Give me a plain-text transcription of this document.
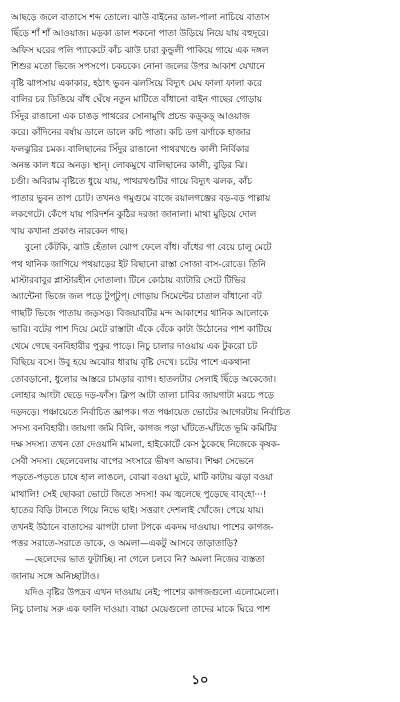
আছড়ে জলে বাতাসে শব্দ তোলে। ঝাউ বাইনের ডাল-পালা নাচিয়ে বাতাস
ছিঁড়ে শাঁ শাঁ আওয়াজ। মড়কা ডাল শকনো পাতা উড়িয়ে নিয়ে যায় বহুদূরে।
অফিস ঘরের পলি প্যাকেটে কাঁচ ঝাউ চারা কুন্ডুলী পাকিয়ে গায়ে এক দঙ্গল
শিশুর মতো ভিজে সপসপে। চকচকে। নোনা জলের উপর আকাশ যেখানে
বৃষ্টি ঝাপসায় একাকার, হঠাৎ ভুবন ঝলসিয়ে বিদ্যুৎ মেঘ ফালা ফালা করে
বালির চর ডিঙিয়ে বাঁধ ঘেঁষে নতুন মাটিতে বাঁধানো বাইন গাছের গোড়ায়
সিঁদুর রাঙানো এক চাঙড় পাথরের সোনামুখি প্রচন্ড কড়্‌কড়্‌ আওয়াজ
করে। কাঁদিনের বর্ষায় ডালে ডালে কচি পাতা। কচি ডগ ঝর্ণাকে হাজার
ফলঝুরির চমক। বালিছানের সিঁদুর রাঙানো পাথরখণ্ডে কালী নির্বিকার
অনন্ত কাল ধরে অনড়। স্থান্। লোকমুখে বালিছানের কালী, বুড়ির ঝি।
চণ্ডী। অবিরাম বৃষ্টিতে ধুয়ে যায়, পাথরখণ্ডটির গায়ে বিদ্যুৎ ঝলক, কাঁচ
পাতার ভুবন তাপ চোট। তখনও গমুগুমে বাজে রয়ালগঞ্জের বড়-বড় পাল্লায়
লকগেটে। কেঁপে যায় পরিদর্শন কুঠির দরজা জানালা। মাথা মুড়িয়ে দোল
খায় কখানা প্রকাণ্ড নারকেল গাছ।
বুনো কেঁটকি, ঝাউ হেঁতাল ঝোপ ফেলে বাঁধ। বাঁধের গা বেয়ে চালু মেটে
পথ থানিক জাগিয়ে পথয়াড়ের ইট বিছানো রাস্তা সোজা বাস-রোডে। তিনি
মাস্টারবাবুর প্লাস্টারহীন দোতালা। টিনে কোঠায় ব্যাটারি সেটে টিভির
অ্যান্টেনা ভিজে জল পড়ে টুপ্‌টুপ্‌। গোড়ায় সিমেন্টের চাতাল বাঁধানো বট
গাছটি ভিজে পাতায় জড়সড়। বিজয়াবটির মন্দ আকাশের থানিক আলোকে
ভারি। বটের পাশ দিয়ে মেটে রাস্তাটা এঁকে বেঁকে কাটা উঠোনের পাশ কাটিয়ে
থেমে গেছে বনবিহারীর পুকুর পাড়ে। নিচু চালার দাওয়ায় এক টুকরো চট
বিছিয়ে বসে। উবু হয়ে অঝোর ধারায় বৃষ্টি দেখে। চটের পাশে একথানা
তোবড়ানো, ধুলোর আস্তরে চামড়ার ব্যাগ। হাতলটার সেলাই ছিঁড়ে অকেজো।
লোহার আংটা ছেড়ে দড়-ফাঁস। ক্লিপ আটা তালা চাবির জায়গাটা মরচে পড়ে
দড়দড়ে। পঞ্চায়েতে নির্বাচিত জ্ঞাপক। গত পঞ্চায়েত ভোটের আগেরটায় নির্বাচিত
সদস্য বনবিহারী। জায়গা জমি বিলি, কাগজ পড়া ঘাঁটতে-ঘাঁটতে ভূমি কমিটির
দক্ষ সদস্য। তখন তো দেওয়ানি মামলা, হাইকোর্টে কেস ঠুকেছে নিজেকে কৃষক-
সেবী সদস্য। ছেলেবেলায় বাপের সংসারে ভীষণ অভাব। শিক্ষা সেভেনে
পড়তে-পড়তে চাষে হাল লাঙলে, বোঝা বওয়া মুটে, মাটি কাটায় ঝড়া বওয়া
মাথালি! সেই ছোকরা ভোটে জিতে সদস্য! কম জ্বলেছে পুড়েছে বাব্‌হো···!
হাতের বিড়ি টানতে গিয়ে নিভে ছাই। সত্তরাং দেশলাই খোঁজে। পেয়ে যায়।
তখনই উঠানে বাতাসের ঝাপটা চালা টপকে একদম দাওয়ায়। পাশের কাগজ-
পত্তর সরাতে-সরাতে ডাকে, ও অমলা—একটু আসবে তাড়াতাড়ি?
—ছেলেদের ভাত ফুটাচ্ছি। না গেলে চলবে নি? অমলা নিজের ব্যস্ততা
জানায় সঙ্গে অনিচ্ছাটাও।
যদিও বৃষ্টির উপদ্রব এখন দাওয়ায় নেই; পাশের কাগজগুলো এলোমেলো।
নিচু চালায় সরু এক ফালি দাওয়া। বাচ্চা মেয়েগুলো তাদের মাকে ঘিরে পাশ
১০
